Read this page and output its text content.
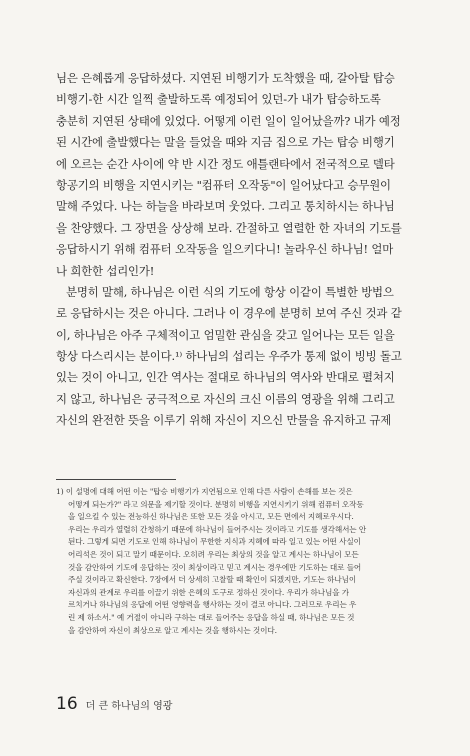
님은 은혜롭게 응답하셨다. 지연된 비행기가 도착했을 때, 갈아탈 탑승
비행기-한 시간 일찍 출발하도록 예정되어 있던-가 내가 탑승하도록
충분히 지연된 상태에 있었다. 어떻게 이런 일이 일어났을까? 내가 예정
된 시간에 출발했다는 말을 들었을 때와 지금 집으로 가는 탑승 비행기
에 오르는 순간 사이에 약 반 시간 정도 애틀랜타에서 전국적으로 델타
항공기의 비행을 지연시키는 "컴퓨터 오작동"이 일어났다고 승무원이
말해 주었다. 나는 하늘을 바라보며 웃었다. 그리고 통치하시는 하나님
을 찬양했다. 그 장면을 상상해 보라. 간절하고 열렬한 한 자녀의 기도를
응답하시기 위해 컴퓨터 오작동을 일으키다니! 놀라우신 하나님! 얼마
나 희한한 섭리인가!
분명히 말해, 하나님은 이런 식의 기도에 항상 이같이 특별한 방법으
로 응답하시는 것은 아니다. 그러나 이 경우에 분명히 보여 주신 것과 같
이, 하나님은 아주 구체적이고 엄밀한 관심을 갖고 일어나는 모든 일을
항상 다스리시는 분이다.¹⁾ 하나님의 섭리는 우주가 통제 없이 빙빙 돌고
있는 것이 아니고, 인간 역사는 절대로 하나님의 역사와 반대로 펼쳐지
지 않고, 하나님은 궁극적으로 자신의 크신 이름의 영광을 위해 그리고
자신의 완전한 뜻을 이루기 위해 자신이 지으신 만물을 유지하고 규제
1) 이 설명에 대해 어떤 이는 "탑승 비행기가 지연됨으로 인해 다른 사람이 손해를 보는 것은
어떻게 되는가?" 라고 의문을 제기할 것이다. 분명히 비행을 지연시키기 위해 컴퓨터 오작동
을 일으킬 수 있는 전능하신 하나님은 또한 모든 것을 아시고, 모든 면에서 지혜로우시다.
우리는 우리가 열렬히 간청하기 때문에 하나님이 들어주시는 것이라고 기도를 생각해서는 안
된다. 그렇게 되면 기도로 인해 하나님이 무한한 지식과 지혜에 따라 일고 있는 어떤 사실이
어리석은 것이 되고 말기 때문이다. 오히려 우리는 최상의 것을 알고 계시는 하나님이 모든
것을 감안하여 기도에 응답하는 것이 최상이라고 믿고 계시는 경우에만 기도하는 대로 들어
주실 것이라고 확신한다. 7장에서 더 상세히 고찰할 때 확인이 되겠지만, 기도는 하나님이
자신과의 관계로 우리를 이끌기 위한 은혜의 도구로 정하신 것이다. 우리가 하나님을 가
르치거나 하나님의 응답에 어떤 영향력을 행사하는 것이 결코 아니다. 그러므로 우리는 우
린 제 하소서." 예 거절이 아니라 구하는 대로 들어주는 응답을 하실 때, 하나님은 모든 것
을 감안하여 자신이 최상으로 알고 계시는 것을 행하시는 것이다.
16 더 큰 하나님의 영광
